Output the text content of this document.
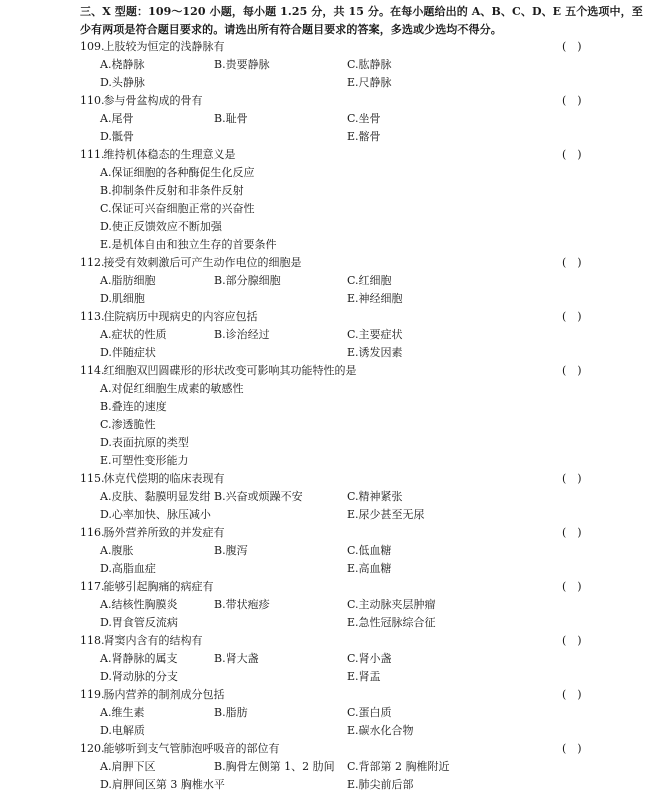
三、X 型题：109～120 小题，每小题 1.25 分，共 15 分。在每小题给出的 A、B、C、D、E 五个选项中，至
少有两项是符合题目要求的。请选出所有符合题目要求的答案，多选或少选均不得分。
109. 上肢较为恒定的浅静脉有	(　)
A.桡静脉	B.贵要静脉	C.肱静脉
D.头静脉	E.尺静脉
110. 参与骨盆构成的骨有	(　)
A.尾骨	B.耻骨	C.坐骨
D.骶骨	E.髂骨
111. 维持机体稳态的生理意义是	(　)
A.保证细胞的各种酶促生化反应
B.抑制条件反射和非条件反射
C.保证可兴奋细胞正常的兴奋性
D.使正反馈效应不断加强
E.是机体自由和独立生存的首要条件
112. 接受有效刺激后可产生动作电位的细胞是	(　)
A.脂肪细胞	B.部分腺细胞	C.红细胞
D.肌细胞	E.神经细胞
113. 住院病历中现病史的内容应包括	(　)
A.症状的性质	B.诊治经过	C.主要症状
D.伴随症状	E.诱发因素
114. 红细胞双凹圆碟形的形状改变可影响其功能特性的是	(　)
A.对促红细胞生成素的敏感性
B.叠连的速度
C.渗透脆性
D.表面抗原的类型
E.可塑性变形能力
115. 休克代偿期的临床表现有	(　)
A.皮肤、黏膜明显发绀 B.兴奋或烦躁不安	C.精神紧张
D.心率加快、脉压减小	E.尿少甚至无尿
116. 肠外营养所致的并发症有	(　)
A.腹胀	B.腹泻	C.低血糖
D.高脂血症	E.高血糖
117. 能够引起胸痛的病症有	(　)
A.结核性胸膜炎	B.带状疱疹	C.主动脉夹层肿瘤
D.胃食管反流病	E.急性冠脉综合征
118. 肾窦内含有的结构有	(　)
A.肾静脉的属支	B.肾大盏	C.肾小盏
D.肾动脉的分支	E.肾盂
119. 肠内营养的制剂成分包括	(　)
A.维生素	B.脂肪	C.蛋白质
D.电解质	E.碳水化合物
120. 能够听到支气管肺泡呼吸音的部位有	(　)
A.肩胛下区	B.胸骨左侧第 1、2 肋间 C.背部第 2 胸椎附近
D.肩胛间区第 3 胸椎水平	E.肺尖前后部
